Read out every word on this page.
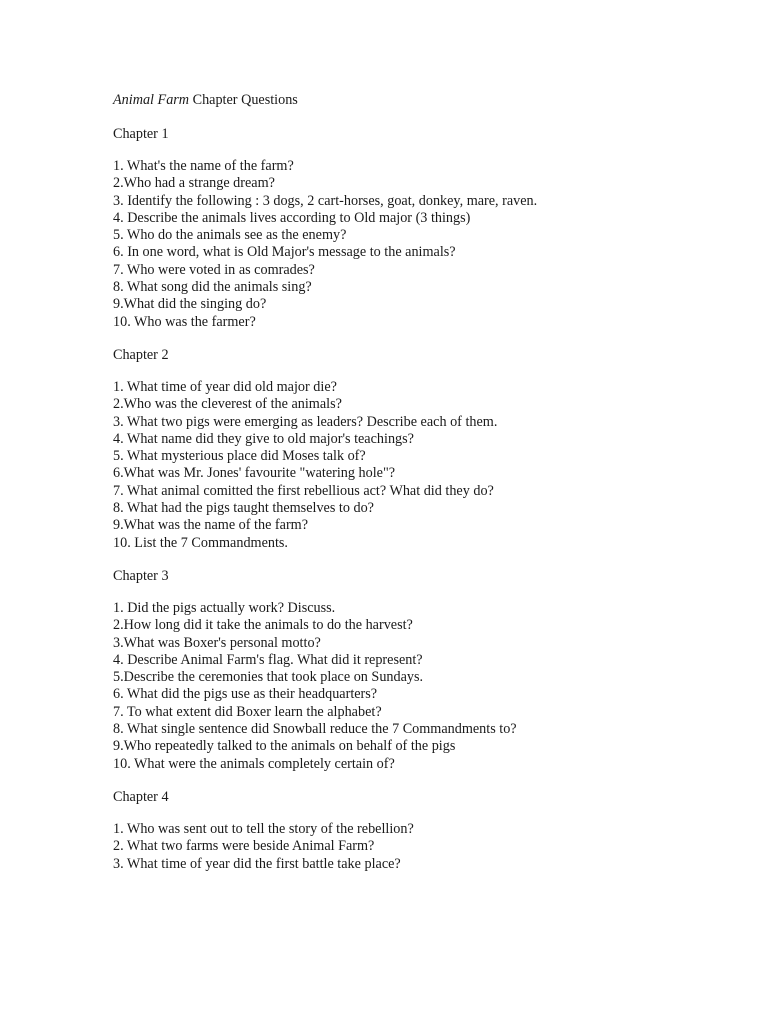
Animal Farm Chapter Questions
Chapter 1
1. What's the name of the farm?
2.Who had a strange dream?
3. Identify the following : 3 dogs, 2 cart-horses, goat, donkey, mare, raven.
4. Describe the animals lives according to Old major (3 things)
5. Who do the animals see as the enemy?
6. In one word, what is Old Major's message to the animals?
7. Who were voted in as comrades?
8. What song did the animals sing?
9.What did the singing do?
10. Who was the farmer?
Chapter 2
1. What time of year did old major die?
2.Who was the cleverest of the animals?
3. What two pigs were emerging as leaders? Describe each of them.
4. What name did they give to old major's teachings?
5. What mysterious place did Moses talk of?
6.What was Mr. Jones' favourite "watering hole"?
7. What animal comitted the first rebellious act? What did they do?
8. What had the pigs taught themselves to do?
9.What was the name of the farm?
10. List the 7 Commandments.
Chapter 3
1. Did the pigs actually work? Discuss.
2.How long did it take the animals to do the harvest?
3.What was Boxer's personal motto?
4. Describe Animal Farm's flag. What did it represent?
5.Describe the ceremonies that took place on Sundays.
6. What did the pigs use as their headquarters?
7. To what extent did Boxer learn the alphabet?
8. What single sentence did Snowball reduce the 7 Commandments to?
9.Who repeatedly talked to the animals on behalf of the pigs
10. What were the animals completely certain of?
Chapter 4
1. Who was sent out to tell the story of the rebellion?
2. What two farms were beside Animal Farm?
3. What time of year did the first battle take place?
